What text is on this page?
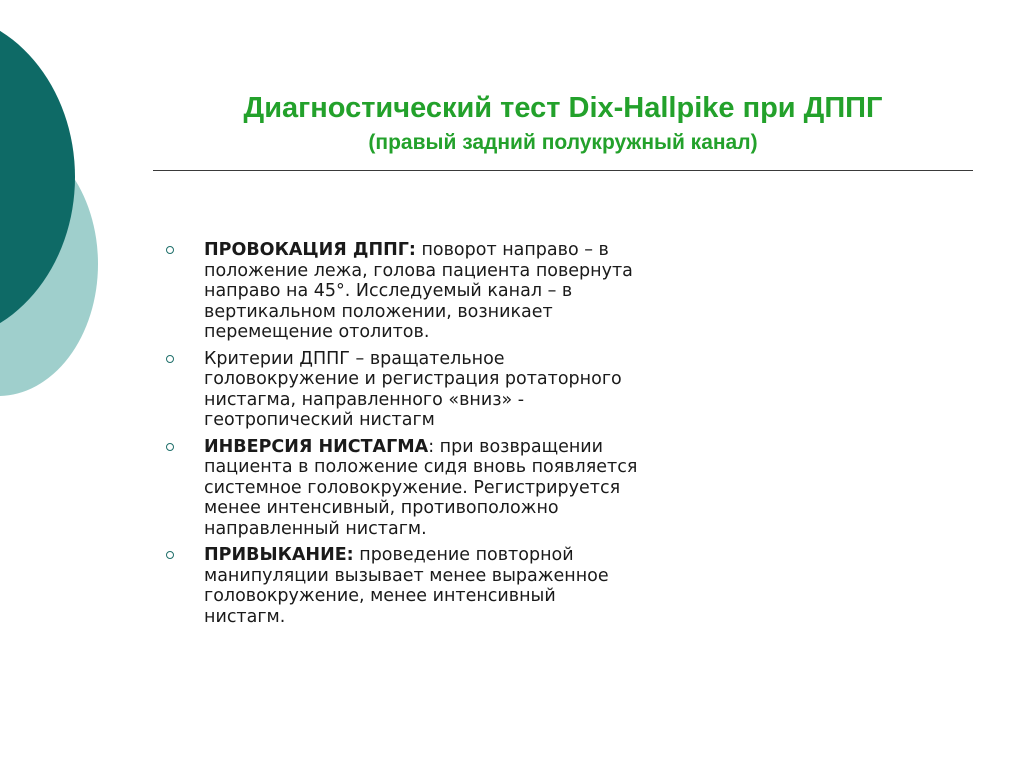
Диагностический тест Dix-Hallpike при ДППГ

(правый задний полукружный канал)

ПРОВОКАЦИЯ ДППГ: поворот направо – в положение лежа, голова пациента повернута направо на 45°. Исследуемый канал – в вертикальном положении, возникает перемещение отолитов.
Критерии ДППГ – вращательное головокружение и регистрация ротаторного нистагма, направленного «вниз» - геотропический нистагм
ИНВЕРСИЯ НИСТАГМА: при возвращении пациента в положение сидя вновь появляется системное головокружение. Регистрируется менее интенсивный, противоположно направленный нистагм.
ПРИВЫКАНИЕ: проведение повторной манипуляции вызывает менее выраженное головокружение, менее интенсивный нистагм.
